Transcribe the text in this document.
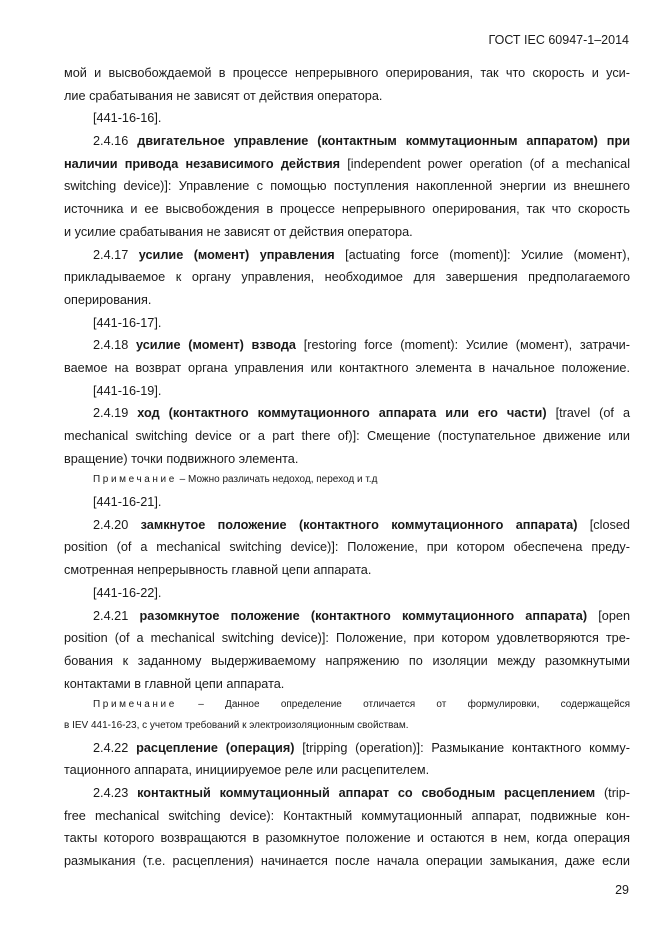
ГОСТ IEC 60947-1–2014
мой и высвобождаемой в процессе непрерывного оперирования, так что скорость и уси-
лие срабатывания не зависят от действия оператора.
[441-16-16].
2.4.16 двигательное управление (контактным коммутационным аппаратом) при
наличии привода независимого действия [independent power operation (of a mechanical
switching device)]: Управление с помощью поступления накопленной энергии из внешнего
источника и ее высвобождения в процессе непрерывного оперирования, так что скорость
и усилие срабатывания не зависят от действия оператора.
2.4.17 усилие (момент) управления [actuating force (moment)]: Усилие (момент),
прикладываемое к органу управления, необходимое для завершения предполагаемого
оперирования.
[441-16-17].
2.4.18 усилие (момент) взвода [restoring force (moment): Усилие (момент), затрачи-
ваемое на возврат органа управления или контактного элемента в начальное положение.
[441-16-19].
2.4.19 ход (контактного коммутационного аппарата или его части) [travel (of a
mechanical switching device or a part there of)]: Смещение (поступательное движение или
вращение) точки подвижного элемента.
Примечание – Можно различать недоход, переход и т.д
[441-16-21].
2.4.20 замкнутое положение (контактного коммутационного аппарата) [closed
position (of a mechanical switching device)]: Положение, при котором обеспечена преду-
смотренная непрерывность главной цепи аппарата.
[441-16-22].
2.4.21 разомкнутое положение (контактного коммутационного аппарата) [open
position (of a mechanical switching device)]: Положение, при котором удовлетворяются тре-
бования к заданному выдерживаемому напряжению по изоляции между разомкнутыми
контактами в главной цепи аппарата.
Примечание – Данное определение отличается от формулировки, содержащейся
в IEV 441-16-23, с учетом требований к электроизоляционным свойствам.
2.4.22 расцепление (операция) [tripping (operation)]: Размыкание контактного комму-
тационного аппарата, инициируемое реле или расцепителем.
2.4.23 контактный коммутационный аппарат со свободным расцеплением (trip-
free mechanical switching device): Контактный коммутационный аппарат, подвижные кон-
такты которого возвращаются в разомкнутое положение и остаются в нем, когда операция
размыкания (т.е. расцепления) начинается после начала операции замыкания, даже если
29
